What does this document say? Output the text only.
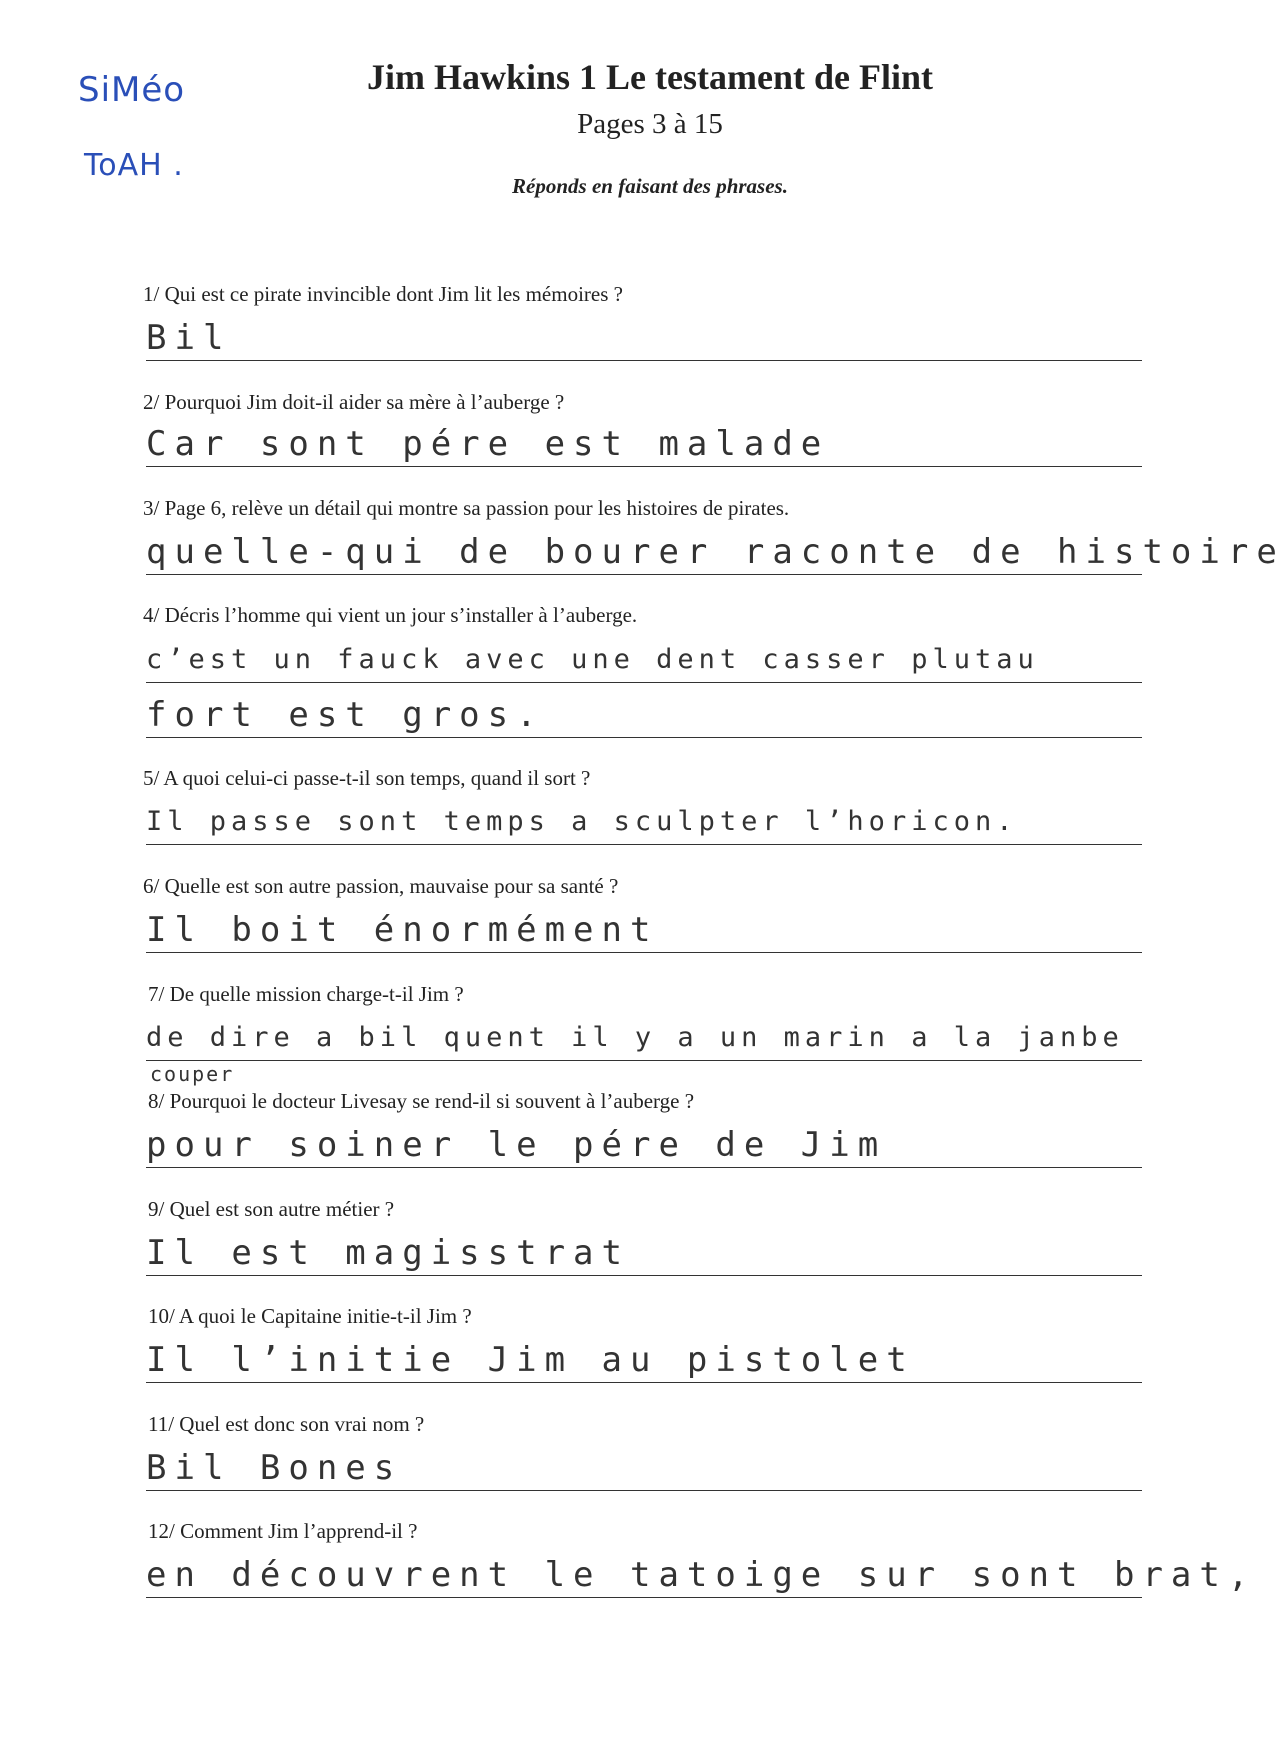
SiMéo
ToAH .
Jim Hawkins 1 Le testament de Flint
Pages 3 à 15
Réponds en faisant des phrases.
1/ Qui est ce pirate invincible dont Jim lit les mémoires ?
Bil
2/ Pourquoi Jim doit-il aider sa mère à l’auberge ?
Car sont pére est malade
3/ Page 6, relève un détail qui montre sa passion pour les histoires de pirates.
quelle-qui de bourer raconte de histoire
4/ Décris l’homme qui vient un jour s’installer à l’auberge.
c’est un fauck avec une dent casser plutau
fort est gros.
5/ A quoi celui-ci passe-t-il son temps, quand il sort ?
Il passe sont temps a sculpter l’horicon.
6/ Quelle est son autre passion, mauvaise pour sa santé ?
Il boit énormément
7/ De quelle mission charge-t-il Jim ?
de dire a bil quent il y a un marin a la janbe
couper
8/ Pourquoi le docteur Livesay se rend-il si souvent à l’auberge ?
pour soiner le pére de Jim
9/ Quel est son autre métier ?
Il est magisstrat
10/ A quoi le Capitaine initie-t-il Jim ?
Il l’initie Jim au pistolet
11/ Quel est donc son vrai nom ?
Bil Bones
12/ Comment Jim l’apprend-il ?
en découvrent le tatoige sur sont brat,
